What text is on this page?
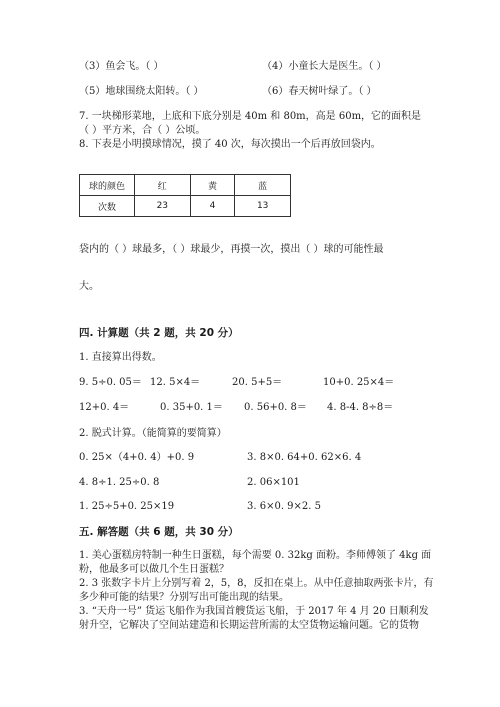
（3）鱼会飞。（ ）	（4）小童长大是医生。（ ）
（5）地球围绕太阳转。（ ）	（6）春天树叶绿了。（ ）
7. 一块梯形菜地，上底和下底分别是 40m 和 80m，高是 60m，它的面积是
（ ）平方米，合（ ）公顷。
8. 下表是小明摸球情况，摸了 40 次，每次摸出一个后再放回袋内。
球的颜色	红	黄	蓝
次数	23	4	13
袋内的（ ）球最多，（ ）球最少，再摸一次，摸出（ ）球的可能性最
大。
四. 计算题（共 2 题，共 20 分）
1. 直接算出得数。
9. 5÷0. 05＝ 12. 5×4＝	20. 5+5＝	10+0. 25×4＝
12+0. 4＝	0. 35+0. 1＝ 0. 56+0. 8＝ 4. 8-4. 8÷8＝
2. 脱式计算。（能简算的要简算）
0. 25×（4+0. 4）+0. 9	3. 8×0. 64+0. 62×6. 4
4. 8÷1. 25÷0. 8	2. 06×101
1. 25÷5+0. 25×19	3. 6×0. 9×2. 5
五. 解答题（共 6 题，共 30 分）
1. 美心蛋糕房特制一种生日蛋糕，每个需要 0. 32kg 面粉。李师傅领了 4kg 面
粉，他最多可以做几个生日蛋糕？
2. 3 张数字卡片上分别写着 2，5，8，反扣在桌上。从中任意抽取两张卡片，有
多少种可能的结果？分别写出可能出现的结果。
3. “天舟一号” 货运飞船作为我国首艘货运飞船，于 2017 年 4 月 20 日顺利发
射升空，它解决了空间站建造和长期运营所需的太空货物运输问题。它的货物
